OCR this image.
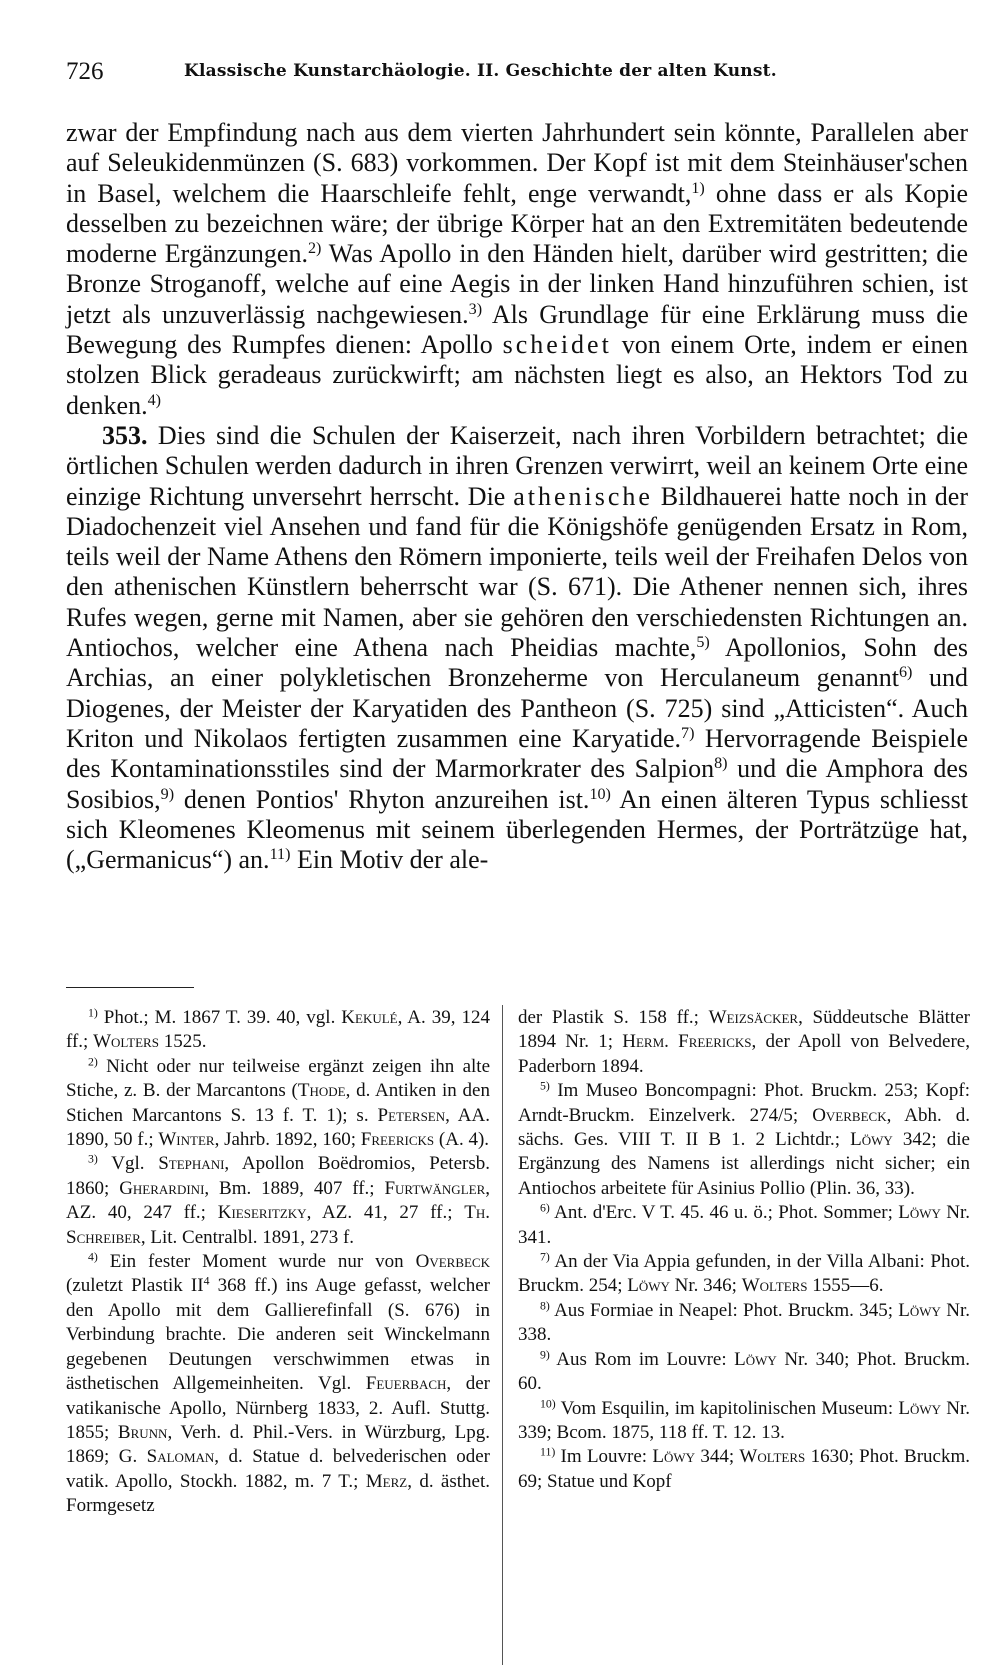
726	Klassische Kunstarchäologie. II. Geschichte der alten Kunst.

zwar der Empfindung nach aus dem vierten Jahrhundert sein könnte, Parallelen aber auf Seleukidenmünzen (S. 683) vorkommen. Der Kopf ist mit dem Steinhäuser'schen in Basel, welchem die Haarschleife fehlt, enge verwandt,$^{1)}$ ohne dass er als Kopie desselben zu bezeichnen wäre; der übrige Körper hat an den Extremitäten bedeutende moderne Ergänzungen.$^{2)}$ Was Apollo in den Händen hielt, darüber wird gestritten; die Bronze Stroganoff, welche auf eine Aegis in der linken Hand hinzuführen schien, ist jetzt als unzuverlässig nachgewiesen.$^{3)}$ Als Grundlage für eine Erklärung muss die Bewegung des Rumpfes dienen: Apollo scheidet von einem Orte, indem er einen stolzen Blick geradeaus zurückwirft; am nächsten liegt es also, an Hektors Tod zu denken.$^{4)}$

353. Dies sind die Schulen der Kaiserzeit, nach ihren Vorbildern betrachtet; die örtlichen Schulen werden dadurch in ihren Grenzen verwirrt, weil an keinem Orte eine einzige Richtung unversehrt herrscht. Die athenische Bildhauerei hatte noch in der Diadochenzeit viel Ansehen und fand für die Königshöfe genügenden Ersatz in Rom, teils weil der Name Athens den Römern imponierte, teils weil der Freihafen Delos von den athenischen Künstlern beherrscht war (S. 671). Die Athener nennen sich, ihres Rufes wegen, gerne mit Namen, aber sie gehören den verschiedensten Richtungen an. Antiochos, welcher eine Athena nach Pheidias machte,$^{5)}$ Apollonios, Sohn des Archias, an einer polykletischen Bronzeherme von Herculaneum genannt$^{6)}$ und Diogenes, der Meister der Karyatiden des Pantheon (S. 725) sind „Atticisten“. Auch Kriton und Nikolaos fertigten zusammen eine Karyatide.$^{7)}$ Hervorragende Beispiele des Kontaminationsstiles sind der Marmorkrater des Salpion$^{8)}$ und die Amphora des Sosibios,$^{9)}$ denen Pontios' Rhyton anzureihen ist.$^{10)}$ An einen älteren Typus schliesst sich Kleomenes Kleomenus mit seinem überlegenden Hermes, der Porträtzüge hat, („Germanicus“) an.$^{11)}$ Ein Motiv der ale-

$^{1)}$ Phot.; M. 1867 T. 39. 40, vgl. Kekulé, A. 39, 124 ff.; Wolters 1525.

$^{2)}$ Nicht oder nur teilweise ergänzt zeigen ihn alte Stiche, z. B. der Marcantons (Thode, d. Antiken in den Stichen Marcantons S. 13 f. T. 1); s. Petersen, AA. 1890, 50 f.; Winter, Jahrb. 1892, 160; Freericks (A. 4).

$^{3)}$ Vgl. Stephani, Apollon Boëdromios, Petersb. 1860; Gherardini, Bm. 1889, 407 ff.; Furtwängler, AZ. 40, 247 ff.; Kieseritzky, AZ. 41, 27 ff.; Th. Schreiber, Lit. Centralbl. 1891, 273 f.

$^{4)}$ Ein fester Moment wurde nur von Overbeck (zuletzt Plastik $II^4$ 368 ff.) ins Auge gefasst, welcher den Apollo mit dem Gallierefinfall (S. 676) in Verbindung brachte. Die anderen seit Winckelmann gegebenen Deutungen verschwimmen etwas in ästhetischen Allgemeinheiten. Vgl. Feuerbach, der vatikanische Apollo, Nürnberg 1833, 2. Aufl. Stuttg. 1855; Brunn, Verh. d. Phil.-Vers. in Würzburg, Lpg. 1869; G. Saloman, d. Statue d. belvederischen oder vatik. Apollo, Stockh. 1882, m. 7 T.; Merz, d. ästhet. Formgesetz

der Plastik S. 158 ff.; Weizsäcker, Süddeutsche Blätter 1894 Nr. 1; Herm. Freericks, der Apoll von Belvedere, Paderborn 1894.

$^{5)}$ Im Museo Boncompagni: Phot. Bruckm. 253; Kopf: Arndt-Bruckm. Einzelverk. 274/5; Overbeck, Abh. d. sächs. Ges. VIII T. II B 1. 2 Lichtdr.; Löwy 342; die Ergänzung des Namens ist allerdings nicht sicher; ein Antiochos arbeitete für Asinius Pollio (Plin. 36, 33).

$^{6)}$ Ant. d'Erc. V T. 45. 46 u. ö.; Phot. Sommer; Löwy Nr. 341.

$^{7)}$ An der Via Appia gefunden, in der Villa Albani: Phot. Bruckm. 254; Löwy Nr. 346; Wolters 1555—6.

$^{8)}$ Aus Formiae in Neapel: Phot. Bruckm. 345; Löwy Nr. 338.

$^{9)}$ Aus Rom im Louvre: Löwy Nr. 340; Phot. Bruckm. 60.

$^{10)}$ Vom Esquilin, im kapitolinischen Museum: Löwy Nr. 339; Bcom. 1875, 118 ff. T. 12. 13.

$^{11)}$ Im Louvre: Löwy 344; Wolters 1630; Phot. Bruckm. 69; Statue und Kopf
